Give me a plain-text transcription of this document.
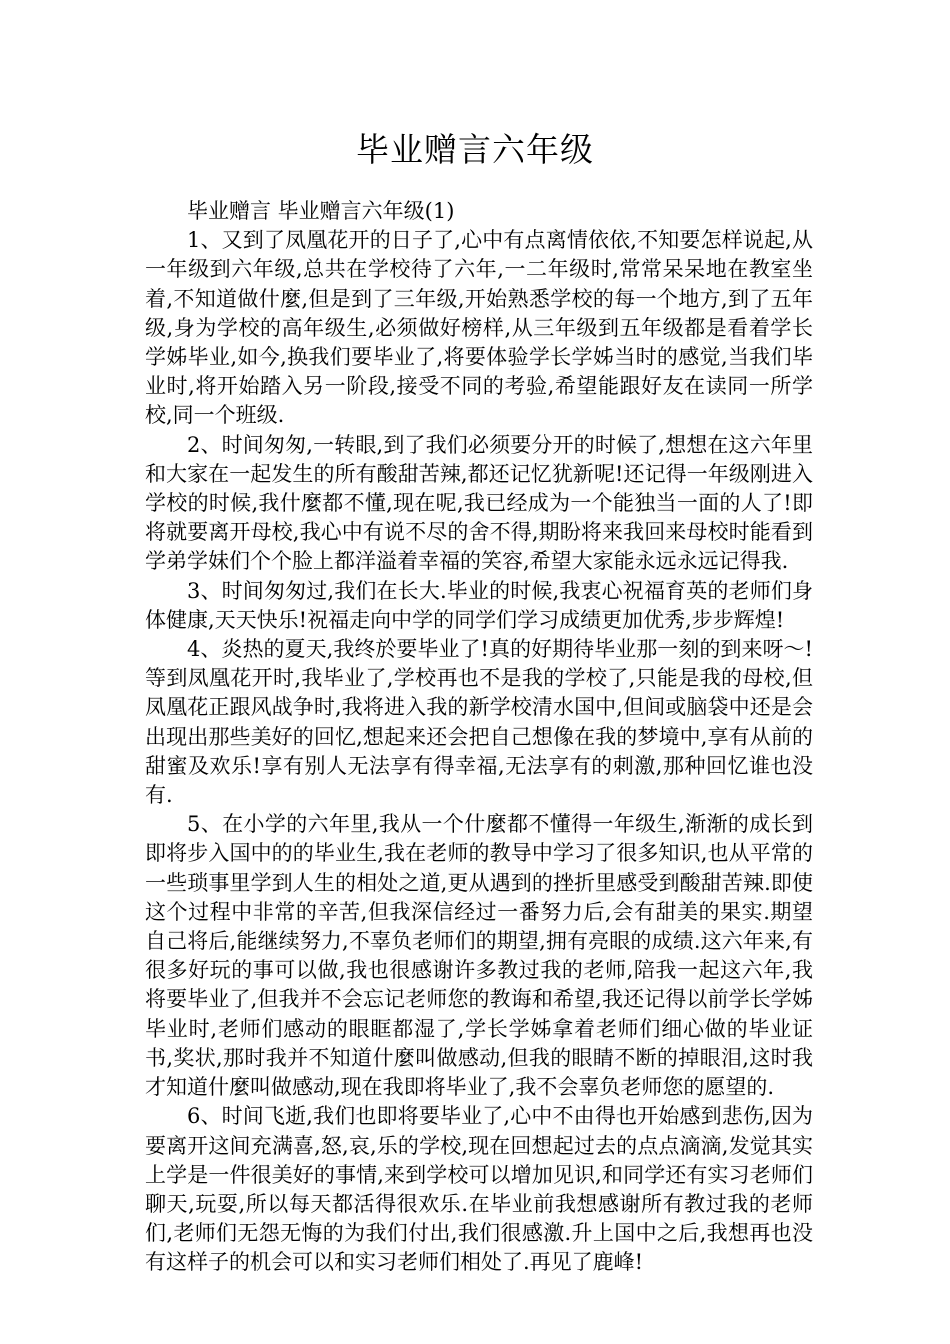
毕业赠言六年级

毕业赠言 毕业赠言六年级(1)

1、又到了凤凰花开的日子了,心中有点离情依依,不知要怎样说起,从一年级到六年级,总共在学校待了六年,一二年级时,常常呆呆地在教室坐着,不知道做什麼,但是到了三年级,开始熟悉学校的每一个地方,到了五年级,身为学校的高年级生,必须做好榜样,从三年级到五年级都是看着学长学姊毕业,如今,换我们要毕业了,将要体验学长学姊当时的感觉,当我们毕业时,将开始踏入另一阶段,接受不同的考验,希望能跟好友在读同一所学校,同一个班级.

2、时间匆匆,一转眼,到了我们必须要分开的时候了,想想在这六年里和大家在一起发生的所有酸甜苦辣,都还记忆犹新呢!还记得一年级刚进入学校的时候,我什麼都不懂,现在呢,我已经成为一个能独当一面的人了!即将就要离开母校,我心中有说不尽的舍不得,期盼将来我回来母校时能看到学弟学妹们个个脸上都洋溢着幸福的笑容,希望大家能永远永远记得我.

3、时间匆匆过,我们在长大.毕业的时候,我衷心祝福育英的老师们身体健康,天天快乐!祝福走向中学的同学们学习成绩更加优秀,步步辉煌!

4、炎热的夏天,我终於要毕业了!真的好期待毕业那一刻的到来呀～!等到凤凰花开时,我毕业了,学校再也不是我的学校了,只能是我的母校,但凤凰花正跟风战争时,我将进入我的新学校清水国中,但间或脑袋中还是会出现出那些美好的回忆,想起来还会把自己想像在我的梦境中,享有从前的甜蜜及欢乐!享有别人无法享有得幸福,无法享有的刺激,那种回忆谁也没有.

5、在小学的六年里,我从一个什麼都不懂得一年级生,渐渐的成长到即将步入国中的的毕业生,我在老师的教导中学习了很多知识,也从平常的一些琐事里学到人生的相处之道,更从遇到的挫折里感受到酸甜苦辣.即使这个过程中非常的辛苦,但我深信经过一番努力后,会有甜美的果实.期望自己将后,能继续努力,不辜负老师们的期望,拥有亮眼的成绩.这六年来,有很多好玩的事可以做,我也很感谢许多教过我的老师,陪我一起这六年,我将要毕业了,但我并不会忘记老师您的教诲和希望,我还记得以前学长学姊毕业时,老师们感动的眼眶都湿了,学长学姊拿着老师们细心做的毕业证书,奖状,那时我并不知道什麼叫做感动,但我的眼睛不断的掉眼泪,这时我才知道什麼叫做感动,现在我即将毕业了,我不会辜负老师您的愿望的.

6、时间飞逝,我们也即将要毕业了,心中不由得也开始感到悲伤,因为要离开这间充满喜,怒,哀,乐的学校,现在回想起过去的点点滴滴,发觉其实上学是一件很美好的事情,来到学校可以增加见识,和同学还有实习老师们聊天,玩耍,所以每天都活得很欢乐.在毕业前我想感谢所有教过我的老师们,老师们无怨无悔的为我们付出,我们很感激.升上国中之后,我想再也没有这样子的机会可以和实习老师们相处了.再见了鹿峰!
